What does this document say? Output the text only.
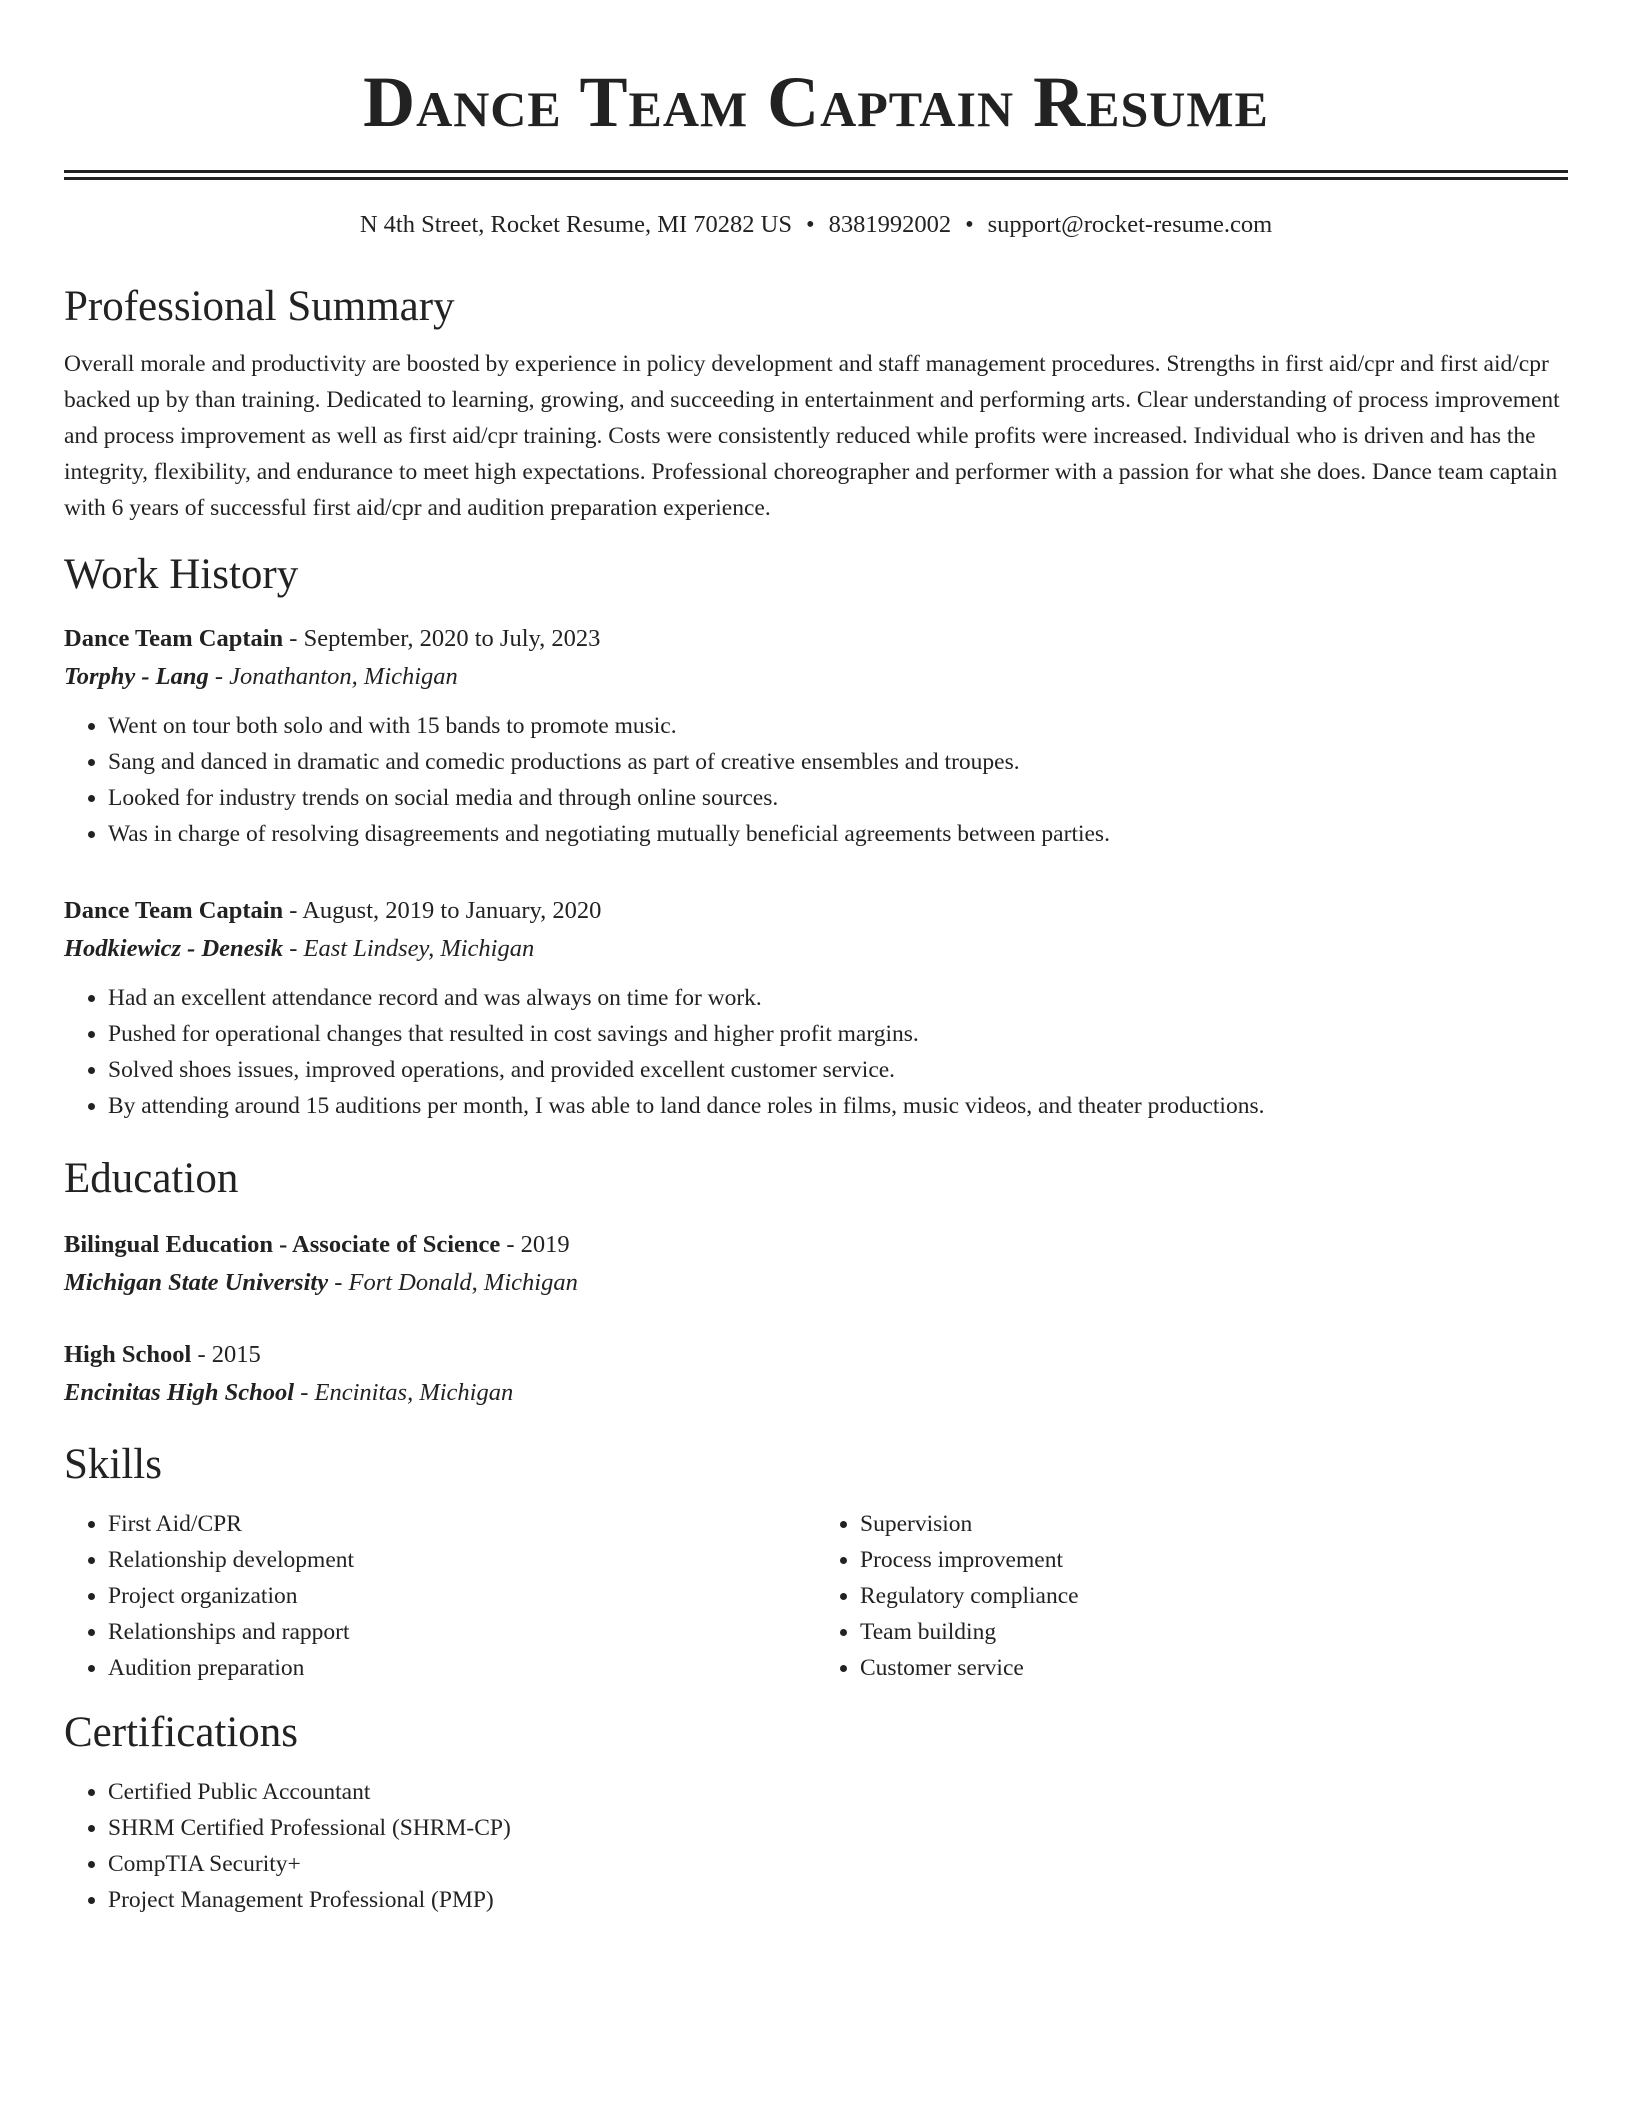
Dance Team Captain Resume
N 4th Street, Rocket Resume, MI 70282 US • 8381992002 • support@rocket-resume.com
Professional Summary

Overall morale and productivity are boosted by experience in policy development and staff management procedures. Strengths in first aid/cpr and first aid/cpr backed up by than training. Dedicated to learning, growing, and succeeding in entertainment and performing arts. Clear understanding of process improvement and process improvement as well as first aid/cpr training. Costs were consistently reduced while profits were increased. Individual who is driven and has the integrity, flexibility, and endurance to meet high expectations. Professional choreographer and performer with a passion for what she does. Dance team captain with 6 years of successful first aid/cpr and audition preparation experience.

Work History
Dance Team Captain - September, 2020 to July, 2023
Torphy - Lang - Jonathanton, Michigan
• Went on tour both solo and with 15 bands to promote music.
• Sang and danced in dramatic and comedic productions as part of creative ensembles and troupes.
• Looked for industry trends on social media and through online sources.
• Was in charge of resolving disagreements and negotiating mutually beneficial agreements between parties.
Dance Team Captain - August, 2019 to January, 2020
Hodkiewicz - Denesik - East Lindsey, Michigan
• Had an excellent attendance record and was always on time for work.
• Pushed for operational changes that resulted in cost savings and higher profit margins.
• Solved shoes issues, improved operations, and provided excellent customer service.
• By attending around 15 auditions per month, I was able to land dance roles in films, music videos, and theater productions.
Education
Bilingual Education - Associate of Science - 2019
Michigan State University - Fort Donald, Michigan
High School - 2015
Encinitas High School - Encinitas, Michigan
Skills
• First Aid/CPR
• Relationship development
• Project organization
• Relationships and rapport
• Audition preparation
• Supervision
• Process improvement
• Regulatory compliance
• Team building
• Customer service
Certifications
• Certified Public Accountant
• SHRM Certified Professional (SHRM-CP)
• CompTIA Security+
• Project Management Professional (PMP)
